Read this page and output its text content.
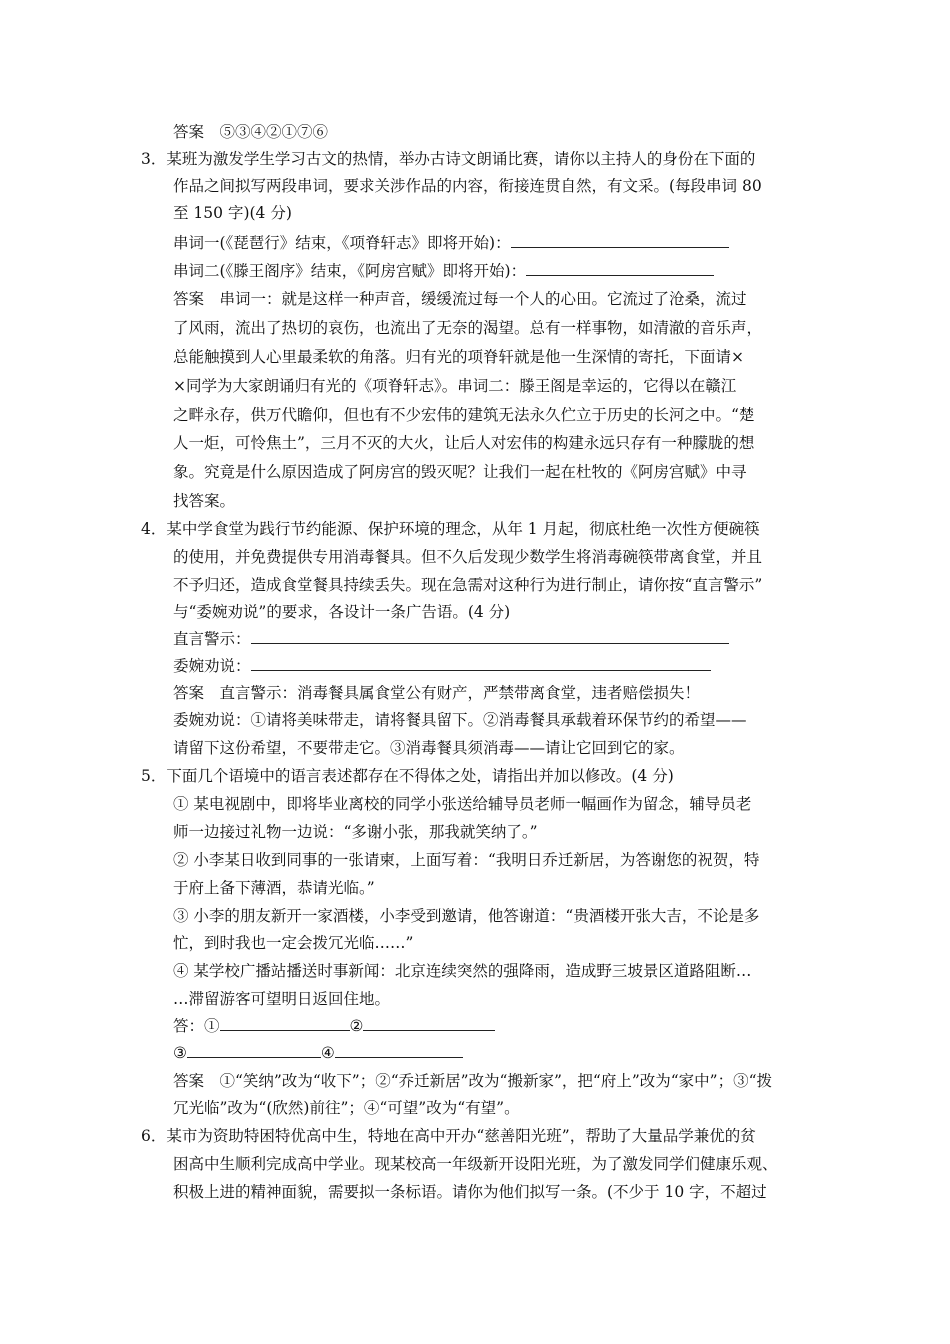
答案　⑤③④②①⑦⑥
3．某班为激发学生学习古文的热情，举办古诗文朗诵比赛，请你以主持人的身份在下面的
作品之间拟写两段串词，要求关涉作品的内容，衔接连贯自然，有文采。(每段串词 80
至 150 字)(4 分)
串词一(《琵琶行》结束，《项脊轩志》即将开始)：
串词二(《滕王阁序》结束，《阿房宫赋》即将开始)：
答案　串词一：就是这样一种声音，缓缓流过每一个人的心田。它流过了沧桑，流过
了风雨，流出了热切的哀伤，也流出了无奈的渴望。总有一样事物，如清澈的音乐声，
总能触摸到人心里最柔软的角落。归有光的项脊轩就是他一生深情的寄托，下面请×
×同学为大家朗诵归有光的《项脊轩志》。串词二：滕王阁是幸运的，它得以在赣江
之畔永存，供万代瞻仰，但也有不少宏伟的建筑无法永久伫立于历史的长河之中。“楚
人一炬，可怜焦土”，三月不灭的大火，让后人对宏伟的构建永远只存有一种朦胧的想
象。究竟是什么原因造成了阿房宫的毁灭呢？让我们一起在杜牧的《阿房宫赋》中寻
找答案。
4．某中学食堂为践行节约能源、保护环境的理念，从年 1 月起，彻底杜绝一次性方便碗筷
的使用，并免费提供专用消毒餐具。但不久后发现少数学生将消毒碗筷带离食堂，并且
不予归还，造成食堂餐具持续丢失。现在急需对这种行为进行制止，请你按“直言警示”
与“委婉劝说”的要求，各设计一条广告语。(4 分)
直言警示：
委婉劝说：
答案　直言警示：消毒餐具属食堂公有财产，严禁带离食堂，违者赔偿损失！
委婉劝说：①请将美味带走，请将餐具留下。②消毒餐具承载着环保节约的希望——
请留下这份希望，不要带走它。③消毒餐具须消毒——请让它回到它的家。
5．下面几个语境中的语言表述都存在不得体之处，请指出并加以修改。(4 分)
① 某电视剧中，即将毕业离校的同学小张送给辅导员老师一幅画作为留念，辅导员老
师一边接过礼物一边说：“多谢小张，那我就笑纳了。”
② 小李某日收到同事的一张请柬，上面写着：“我明日乔迁新居，为答谢您的祝贺，特
于府上备下薄酒，恭请光临。”
③ 小李的朋友新开一家酒楼，小李受到邀请，他答谢道：“贵酒楼开张大吉，不论是多
忙，到时我也一定会拨冗光临……”
④ 某学校广播站播送时事新闻：北京连续突然的强降雨，造成野三坡景区道路阻断…
…滞留游客可望明日返回住地。
答：①	②
③	④
答案　①“笑纳”改为“收下”；②“乔迁新居”改为“搬新家”，把“府上”改为“家中”；③“拨
冗光临”改为“(欣然)前往”；④“可望”改为“有望”。
6．某市为资助特困特优高中生，特地在高中开办“慈善阳光班”，帮助了大量品学兼优的贫
困高中生顺利完成高中学业。现某校高一年级新开设阳光班，为了激发同学们健康乐观、
积极上进的精神面貌，需要拟一条标语。请你为他们拟写一条。(不少于 10 字，不超过
